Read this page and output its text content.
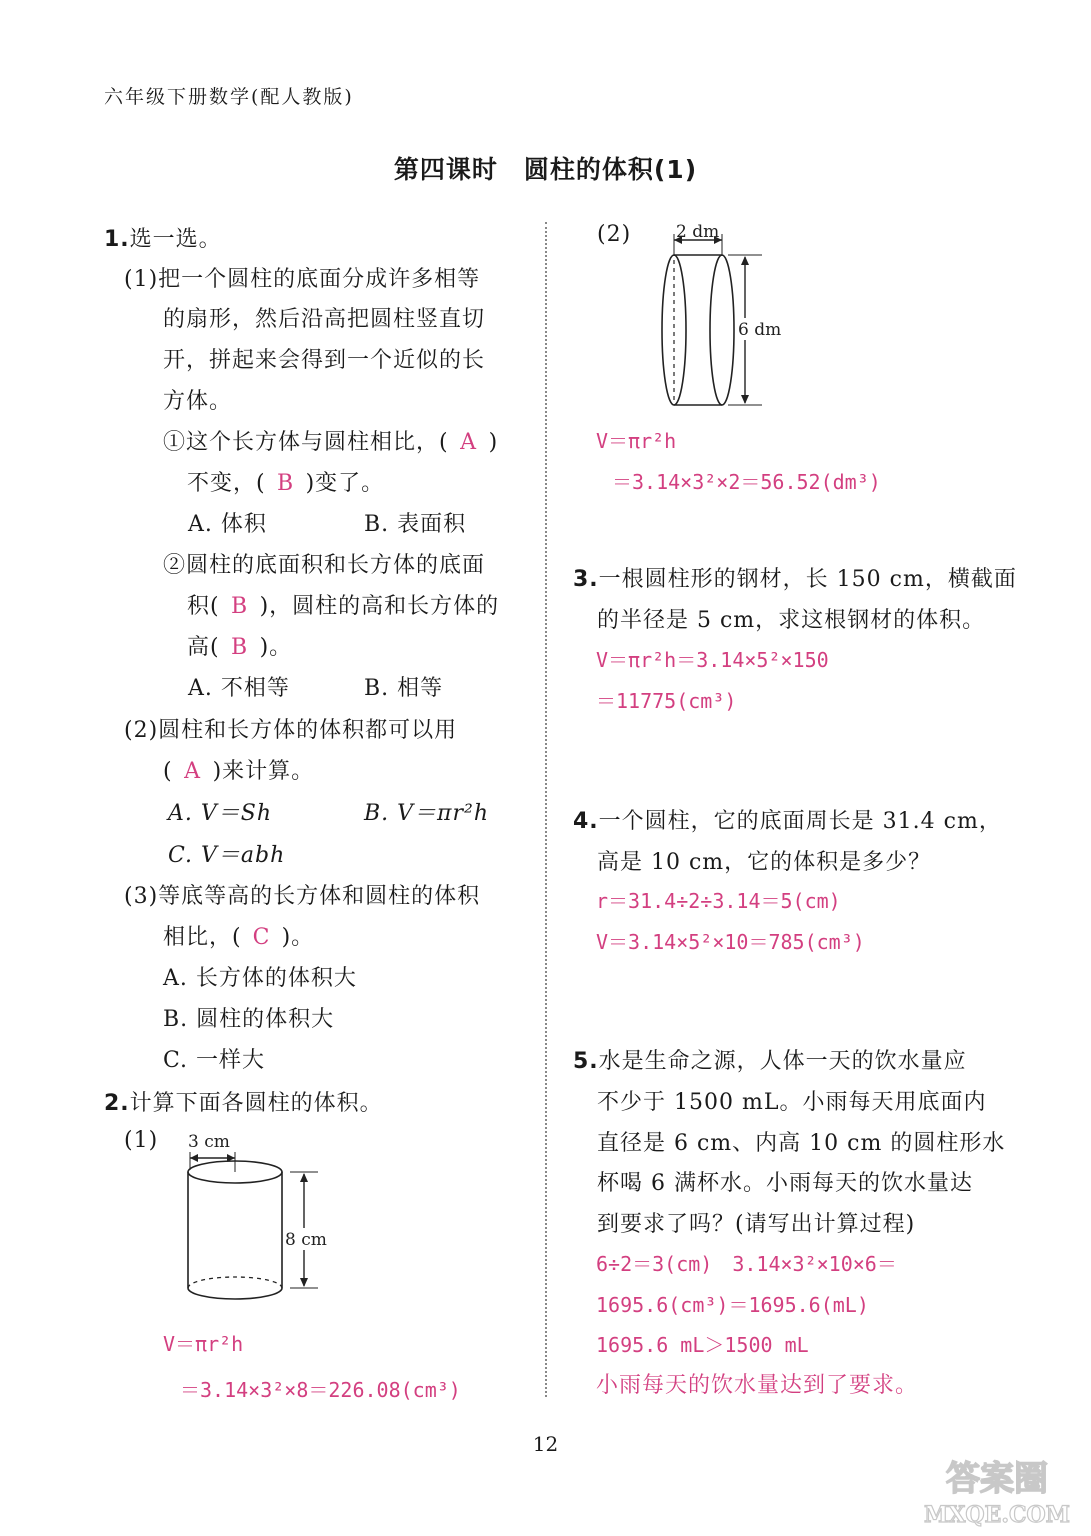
六年级下册数学(配人教版)
第四课时　圆柱的体积(1)
1.选一选。
(1)把一个圆柱的底面分成许多相等
的扇形，然后沿高把圆柱竖直切
开，拼起来会得到一个近似的长
方体。
①这个长方体与圆柱相比，( A )
不变，( B )变了。
A. 体积	B. 表面积
②圆柱的底面积和长方体的底面
积( B )，圆柱的高和长方体的
高( B )。
A. 不相等	B. 相等
(2)圆柱和长方体的体积都可以用
( A )来计算。
A. V＝Sh	B. V＝πr²h
C. V＝abh
(3)等底等高的长方体和圆柱的体积
相比，( C )。
A. 长方体的体积大
B. 圆柱的体积大
C. 一样大
2.计算下面各圆柱的体积。
(1) 3 cm
8 cm
V＝πr²h
＝3.14×3²×8＝226.08(cm³)
(2)	2 dm
6 dm
V＝πr²h
＝3.14×3²×2＝56.52(dm³)
3.一根圆柱形的钢材，长 150 cm，横截面
的半径是 5 cm，求这根钢材的体积。
V＝πr²h＝3.14×5²×150
＝11775(cm³)
4.一个圆柱，它的底面周长是 31.4 cm，
高是 10 cm，它的体积是多少？
r＝31.4÷2÷3.14＝5(cm)
V＝3.14×5²×10＝785(cm³)
5.水是生命之源，人体一天的饮水量应
不少于 1500 mL。小雨每天用底面内
直径是 6 cm、内高 10 cm 的圆柱形水
杯喝 6 满杯水。小雨每天的饮水量达
到要求了吗？(请写出计算过程)
6÷2＝3(cm)　3.14×3²×10×6＝
1695.6(cm³)＝1695.6(mL)
1695.6 mL＞1500 mL
小雨每天的饮水量达到了要求。
12
答案圈
MXQE.COM
